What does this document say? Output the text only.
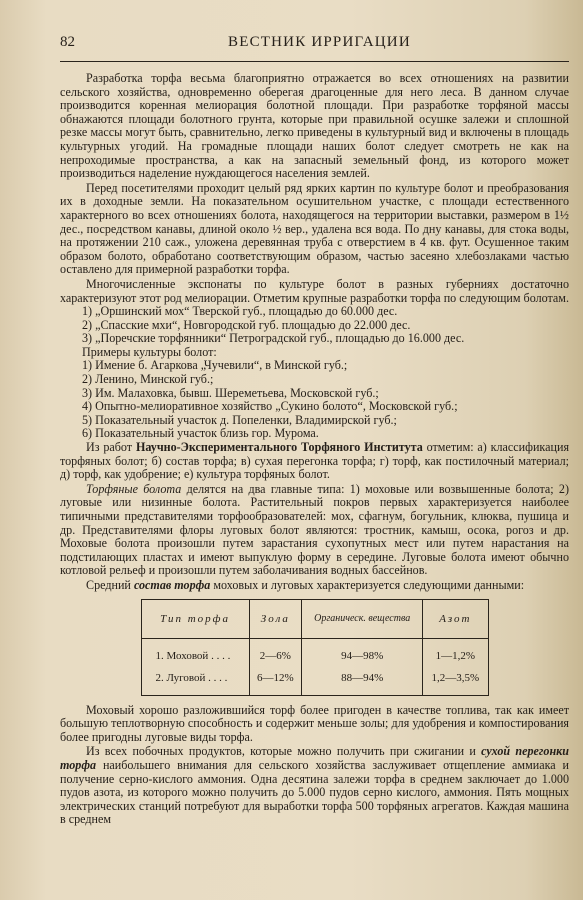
82	ВЕСТНИК ИРРИГАЦИИ

Разработка торфа весьма благоприятно отражается во всех отношениях на развитии сельского хозяйства, одновременно оберегая драгоценные для него леса. В данном случае производится коренная мелиорация болотной площади. При разработке торфяной массы обнажаются площади болотного грунта, которые при правильной осушке залежи и сплошной резке массы могут быть, сравнительно, легко приведены в культурный вид и включены в площадь культурных угодий. На громадные площади наших болот следует смотреть не как на непроходимые пространства, а как на запасный земельный фонд, из которого может производиться наделение нуждающегося населения землей.

Перед посетителями проходит целый ряд ярких картин по культуре болот и преобразования их в доходные земли. На показательном осушительном участке, с площади естественного характерного во всех отношениях болота, находящегося на территории выставки, размером в 1½ дес., посредством канавы, длиной около ½ вер., удалена вся вода. По дну канавы, для стока воды, на протяжении 210 саж., уложена деревянная труба с отверстием в 4 кв. фут. Осушенное таким образом болото, обработано соответствующим образом, частью засеяно хлебозлаками частью оставлено для примерной разработки торфа.

Многочисленные экспонаты по культуре болот в разных губерниях достаточно характеризуют этот род мелиорации. Отметим крупные разработки торфа по следующим болотам.

1) „Оршинский мох“ Тверской губ., площадью до 60.000 дес.
2) „Спасские мхи“, Новгородской губ. площадью до 22.000 дес.
3) „Поречские торфянники“ Петроградской губ., площадью до 16.000 дес.
Примеры культуры болот:
1) Имение б. Агаркова „Чучевили“, в Минской губ.;
2) Ленино, Минской губ.;
3) Им. Малаховка, бывш. Шереметьева, Московской губ.;
4) Опытно-мелиоративное хозяйство „Сукино болото“, Московской губ.;
5) Показательный участок д. Попеленки, Владимирской губ.;
6) Показательный участок близь гор. Мурома.

Из работ Научно-Экспериментального Торфяного Института отметим: а) классификация торфяных болот; б) состав торфа; в) сухая перегонка торфа; г) торф, как постилочный материал; д) торф, как удобрение; е) культура торфяных болот.

Торфяные болота делятся на два главные типа: 1) моховые или возвышенные болота; 2) луговые или низинные болота. Растительный покров первых характеризуется наиболее типичными представителями торфообразователей: мох, сфагнум, богульник, клюква, пушица и др. Представителями флоры луговых болот являются: тростник, камыш, осока, рогоз и др. Моховые болота произошли путем зарастания сухопутных мест или путем нарастания на подстилающих пластах и имеют выпуклую форму в середине. Луговые болота имеют обычно котловой рельеф и произошли путем заболачивания водных бассейнов.

Средний состав торфа моховых и луговых характеризуется следующими данными:

Тип торфа	Зола	Органическ. вещества	Азот
1. Моховой . . . .	2—6%	94—98%	1—1,2%
2. Луговой . . . .	6—12%	88—94%	1,2—3,5%

Моховый хорошо разложившийся торф более пригоден в качестве топлива, так как имеет большую теплотворную способность и содержит меньше золы; для удобрения и компостирования более пригодны луговые виды торфа.

Из всех побочных продуктов, которые можно получить при сжигании и сухой перегонки торфа наибольшего внимания для сельского хозяйства заслуживает отщепление аммиака и получение серно-кислого аммония. Одна десятина залежи торфа в среднем заключает до 1.000 пудов азота, из которого можно получить до 5.000 пудов серно кислого, аммония. Пять мощных электрических станций потребуют для выработки торфа 500 торфяных агрегатов. Каждая машина в среднем
